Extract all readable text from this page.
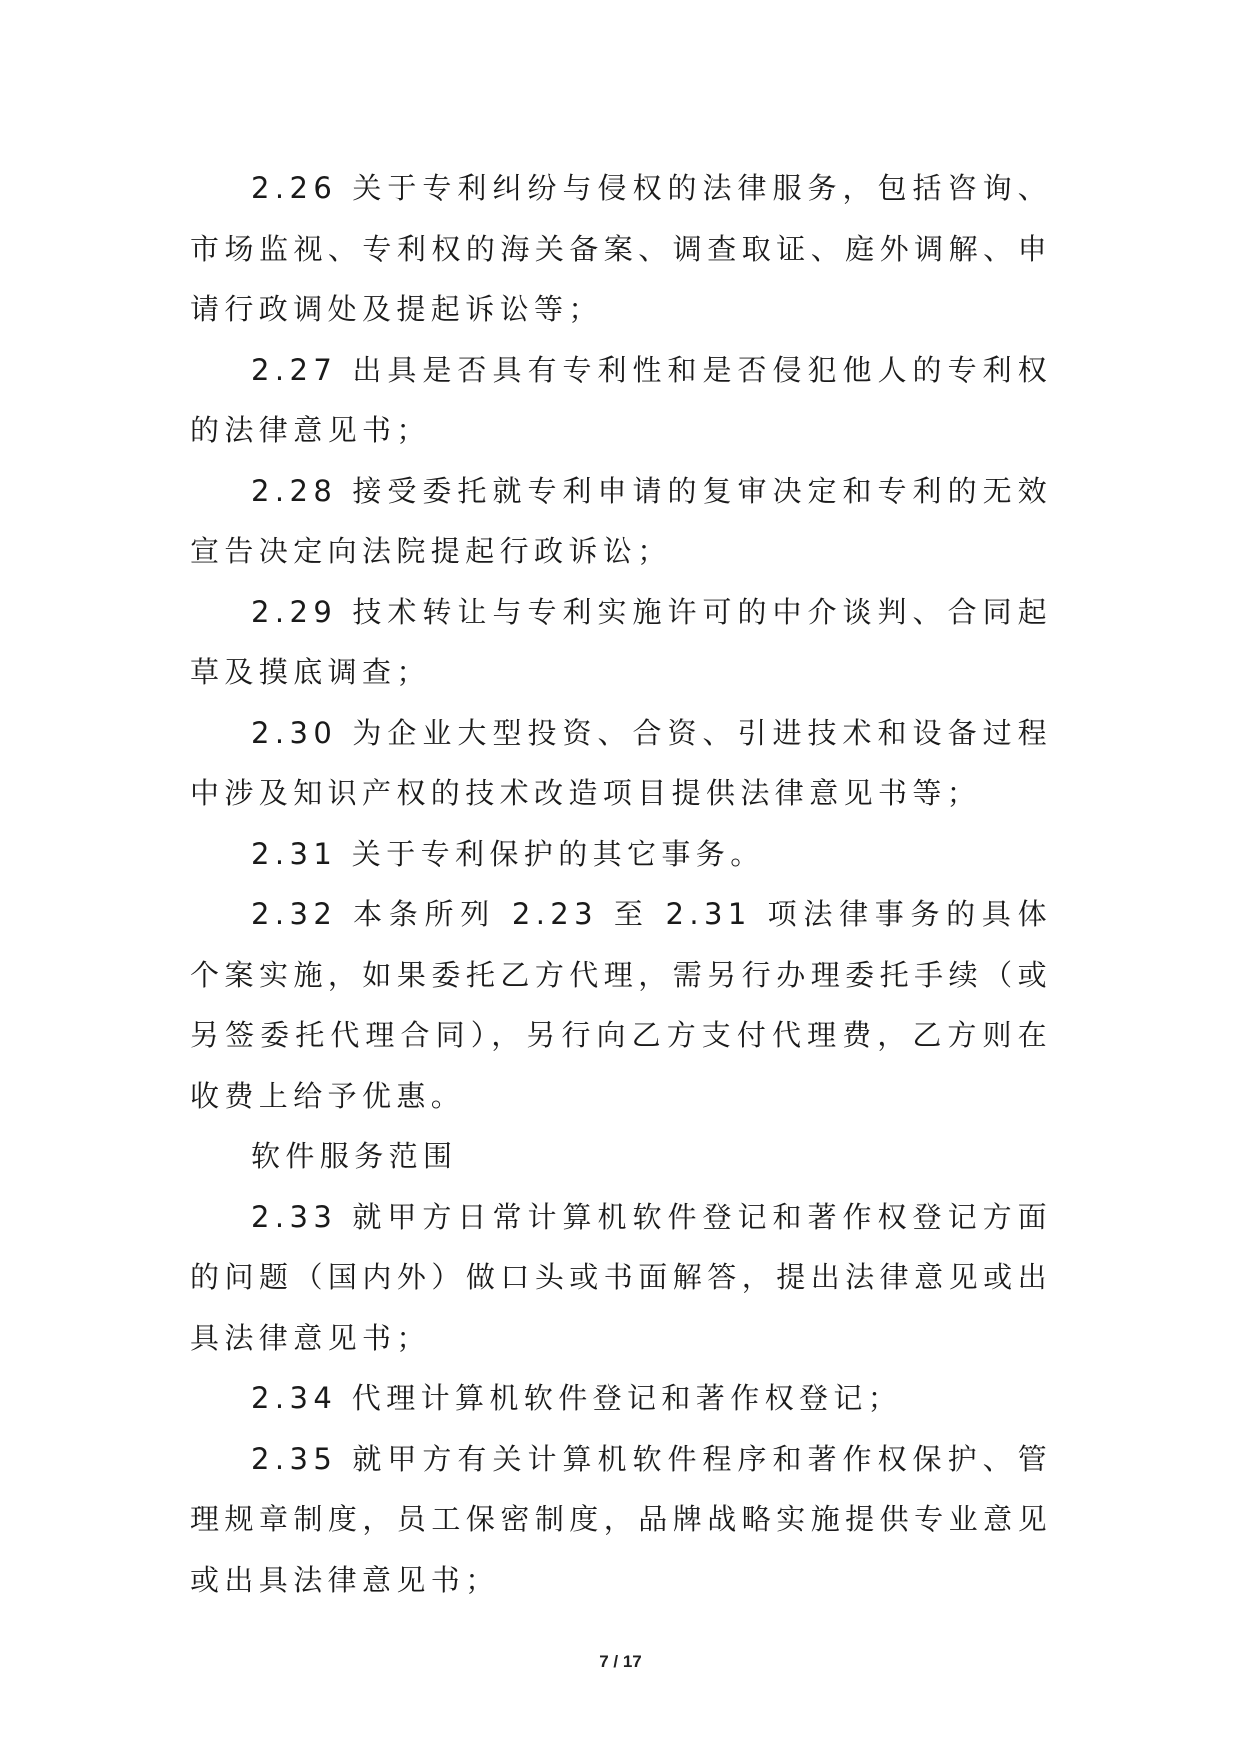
2.26 关于专利纠纷与侵权的法律服务，包括咨询、市场监视、专利权的海关备案、调查取证、庭外调解、申请行政调处及提起诉讼等；

2.27 出具是否具有专利性和是否侵犯他人的专利权的法律意见书；

2.28 接受委托就专利申请的复审决定和专利的无效宣告决定向法院提起行政诉讼；

2.29 技术转让与专利实施许可的中介谈判、合同起草及摸底调查；

2.30 为企业大型投资、合资、引进技术和设备过程中涉及知识产权的技术改造项目提供法律意见书等；

2.31 关于专利保护的其它事务。

2.32 本条所列 2.23 至 2.31 项法律事务的具体个案实施，如果委托乙方代理，需另行办理委托手续（或另签委托代理合同），另行向乙方支付代理费，乙方则在收费上给予优惠。

软件服务范围

2.33 就甲方日常计算机软件登记和著作权登记方面的问题（国内外）做口头或书面解答，提出法律意见或出具法律意见书；

2.34 代理计算机软件登记和著作权登记；

2.35 就甲方有关计算机软件程序和著作权保护、管理规章制度，员工保密制度，品牌战略实施提供专业意见或出具法律意见书；

7 / 17
